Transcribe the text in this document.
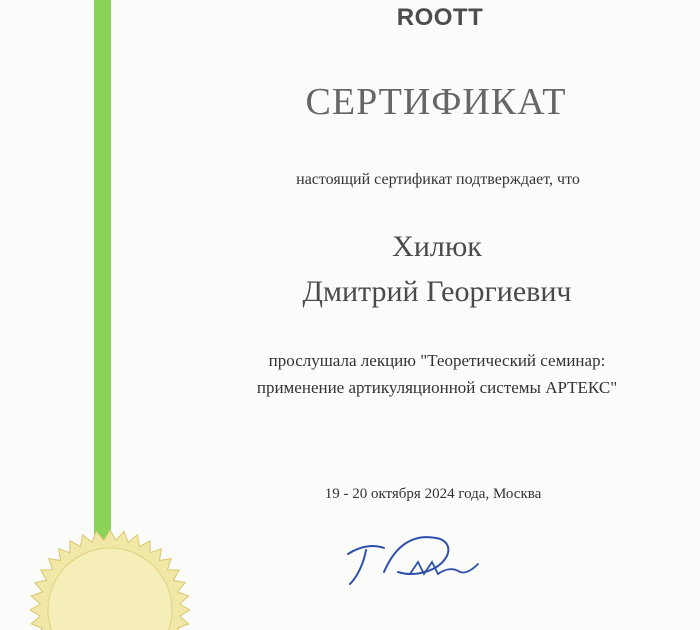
ROOTT
СЕРТИФИКАТ
настоящий сертификат подтверждает, что
Хилюк
Дмитрий Георгиевич
прослушала лекцию "Теоретический семинар:
применение артикуляционной системы АРТЕКС"
19 - 20 октября 2024 года, Москва
